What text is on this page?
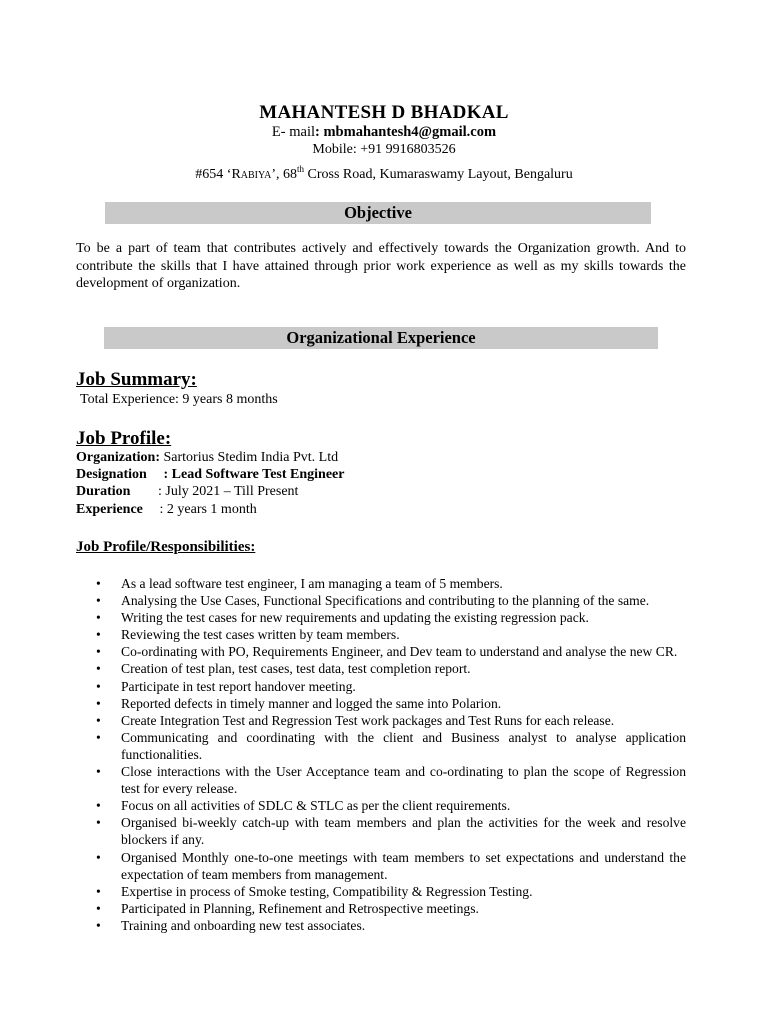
MAHANTESH D BHADKAL
E- mail: mbmahantesh4@gmail.com
Mobile: +91 9916803526
#654 ‘Rabiya’, 68th Cross Road, Kumaraswamy Layout, Bengaluru
Objective
To be a part of team that contributes actively and effectively towards the Organization growth. And to contribute the skills that I have attained through prior work experience as well as my skills towards the development of organization.
Organizational Experience
Job Summary:
Total Experience: 9 years 8 months
Job Profile:
Organization: Sartorius Stedim India Pvt. Ltd
Designation : Lead Software Test Engineer
Duration : July 2021 – Till Present
Experience : 2 years 1 month
Job Profile/Responsibilities:
• As a lead software test engineer, I am managing a team of 5 members.
• Analysing the Use Cases, Functional Specifications and contributing to the planning of the same.
• Writing the test cases for new requirements and updating the existing regression pack.
• Reviewing the test cases written by team members.
• Co-ordinating with PO, Requirements Engineer, and Dev team to understand and analyse the new CR.
• Creation of test plan, test cases, test data, test completion report.
• Participate in test report handover meeting.
• Reported defects in timely manner and logged the same into Polarion.
• Create Integration Test and Regression Test work packages and Test Runs for each release.
• Communicating and coordinating with the client and Business analyst to analyse application functionalities.
• Close interactions with the User Acceptance team and co-ordinating to plan the scope of Regression test for every release.
• Focus on all activities of SDLC & STLC as per the client requirements.
• Organised bi-weekly catch-up with team members and plan the activities for the week and resolve blockers if any.
• Organised Monthly one-to-one meetings with team members to set expectations and understand the expectation of team members from management.
• Expertise in process of Smoke testing, Compatibility & Regression Testing.
• Participated in Planning, Refinement and Retrospective meetings.
• Training and onboarding new test associates.
